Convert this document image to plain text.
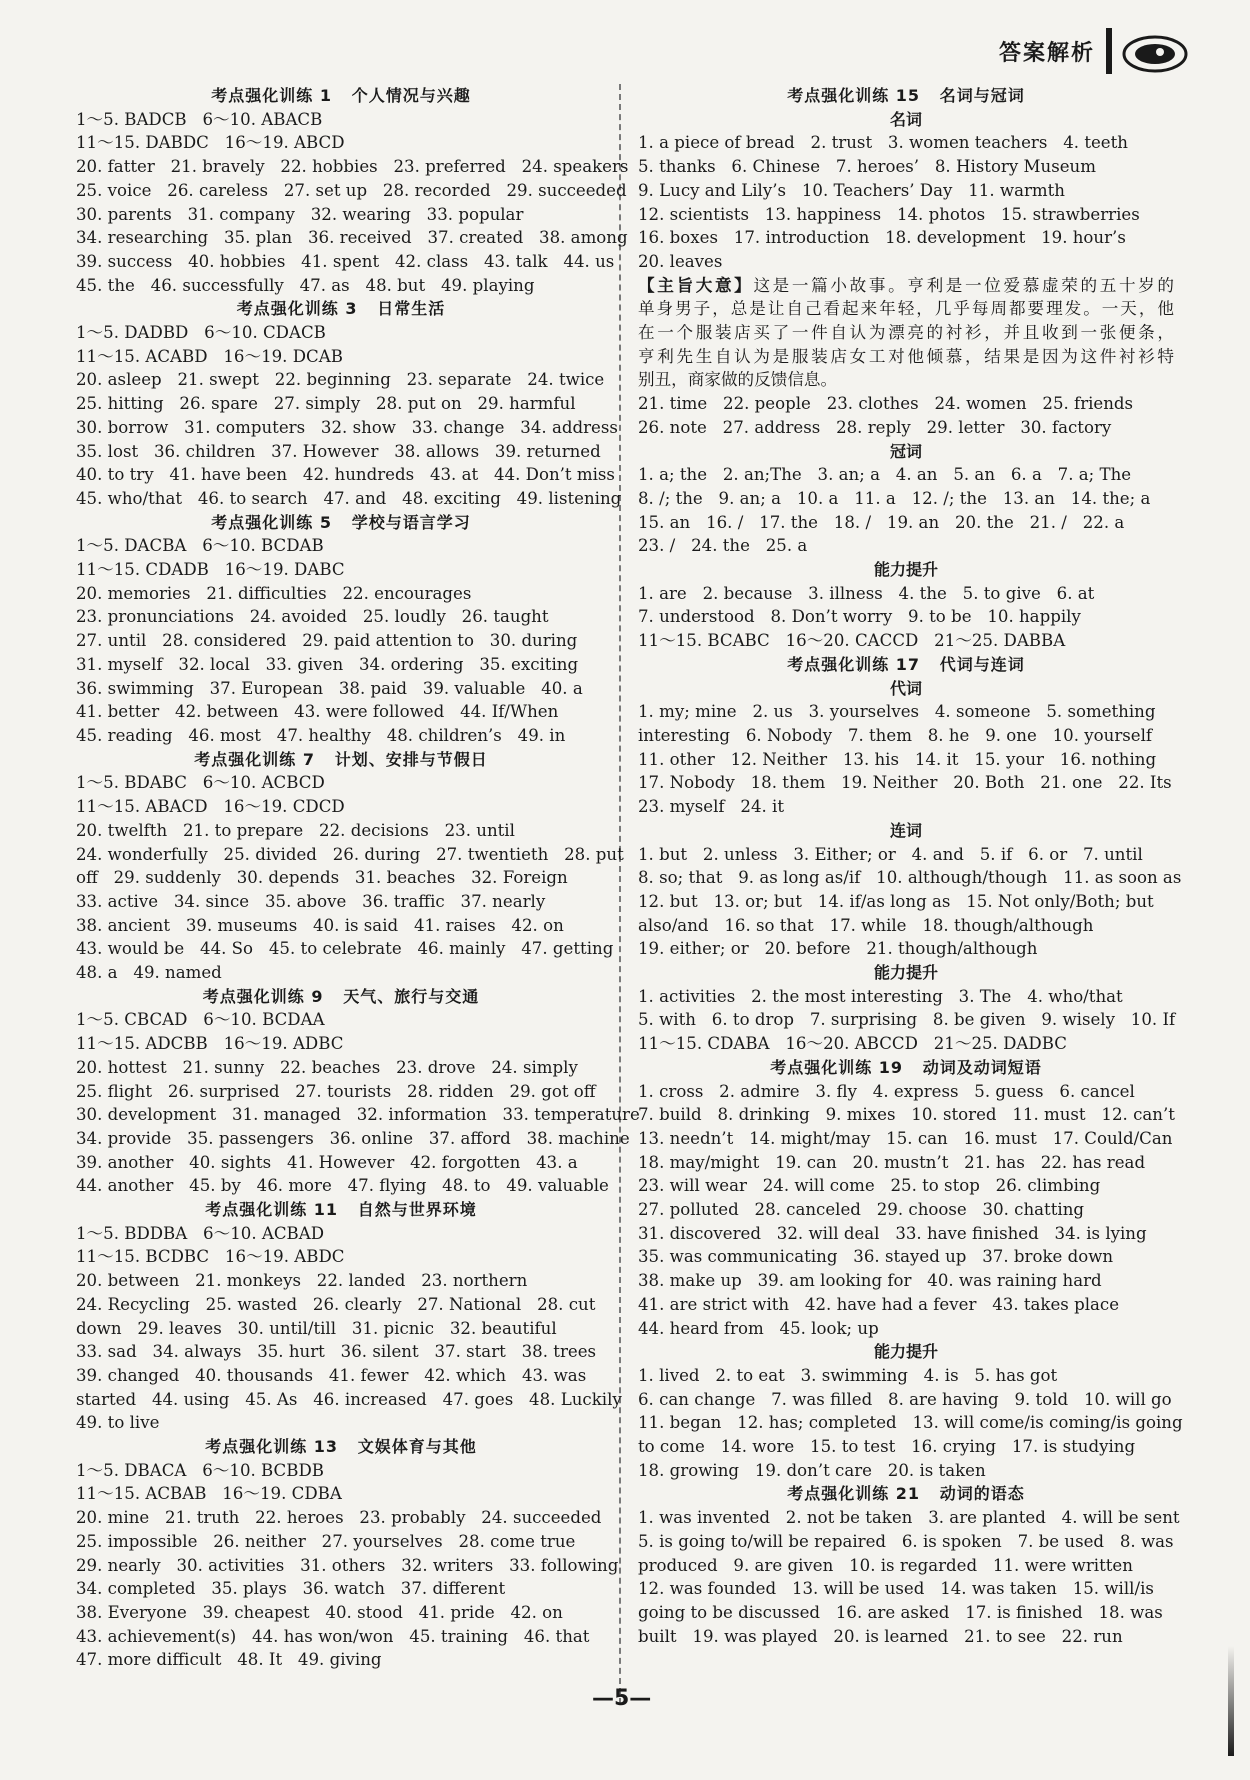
答案解析
考点强化训练 1   个人情况与兴趣
1～5. BADCB   6～10. ABACB
11～15. DABDC   16～19. ABCD
20. fatter   21. bravely   22. hobbies   23. preferred   24. speakers
25. voice   26. careless   27. set up   28. recorded   29. succeeded
30. parents   31. company   32. wearing   33. popular
34. researching   35. plan   36. received   37. created   38. among
39. success   40. hobbies   41. spent   42. class   43. talk   44. us
45. the   46. successfully   47. as   48. but   49. playing
考点强化训练 3   日常生活
1～5. DADBD   6～10. CDACB
11～15. ACABD   16～19. DCAB
20. asleep   21. swept   22. beginning   23. separate   24. twice
25. hitting   26. spare   27. simply   28. put on   29. harmful
30. borrow   31. computers   32. show   33. change   34. address
35. lost   36. children   37. However   38. allows   39. returned
40. to try   41. have been   42. hundreds   43. at   44. Don’t miss
45. who/that   46. to search   47. and   48. exciting   49. listening
考点强化训练 5   学校与语言学习
1～5. DACBA   6～10. BCDAB
11～15. CDADB   16～19. DABC
20. memories   21. difficulties   22. encourages
23. pronunciations   24. avoided   25. loudly   26. taught
27. until   28. considered   29. paid attention to   30. during
31. myself   32. local   33. given   34. ordering   35. exciting
36. swimming   37. European   38. paid   39. valuable   40. a
41. better   42. between   43. were followed   44. If/When
45. reading   46. most   47. healthy   48. children’s   49. in
考点强化训练 7   计划、安排与节假日
1～5. BDABC   6～10. ACBCD
11～15. ABACD   16～19. CDCD
20. twelfth   21. to prepare   22. decisions   23. until
24. wonderfully   25. divided   26. during   27. twentieth   28. put
off   29. suddenly   30. depends   31. beaches   32. Foreign
33. active   34. since   35. above   36. traffic   37. nearly
38. ancient   39. museums   40. is said   41. raises   42. on
43. would be   44. So   45. to celebrate   46. mainly   47. getting
48. a   49. named
考点强化训练 9   天气、旅行与交通
1～5. CBCAD   6～10. BCDAA
11～15. ADCBB   16～19. ADBC
20. hottest   21. sunny   22. beaches   23. drove   24. simply
25. flight   26. surprised   27. tourists   28. ridden   29. got off
30. development   31. managed   32. information   33. temperature
34. provide   35. passengers   36. online   37. afford   38. machine
39. another   40. sights   41. However   42. forgotten   43. a
44. another   45. by   46. more   47. flying   48. to   49. valuable
考点强化训练 11   自然与世界环境
1～5. BDDBA   6～10. ACBAD
11～15. BCDBC   16～19. ABDC
20. between   21. monkeys   22. landed   23. northern
24. Recycling   25. wasted   26. clearly   27. National   28. cut
down   29. leaves   30. until/till   31. picnic   32. beautiful
33. sad   34. always   35. hurt   36. silent   37. start   38. trees
39. changed   40. thousands   41. fewer   42. which   43. was
started   44. using   45. As   46. increased   47. goes   48. Luckily
49. to live
考点强化训练 13   文娱体育与其他
1～5. DBACA   6～10. BCBDB
11～15. ACBAB   16～19. CDBA
20. mine   21. truth   22. heroes   23. probably   24. succeeded
25. impossible   26. neither   27. yourselves   28. come true
29. nearly   30. activities   31. others   32. writers   33. following
34. completed   35. plays   36. watch   37. different
38. Everyone   39. cheapest   40. stood   41. pride   42. on
43. achievement(s)   44. has won/won   45. training   46. that
47. more difficult   48. It   49. giving
考点强化训练 15   名词与冠词
名词
1. a piece of bread   2. trust   3. women teachers   4. teeth
5. thanks   6. Chinese   7. heroes’   8. History Museum
9. Lucy and Lily’s   10. Teachers’ Day   11. warmth
12. scientists   13. happiness   14. photos   15. strawberries
16. boxes   17. introduction   18. development   19. hour’s
20. leaves
【主旨大意】这是一篇小故事。亨利是一位爱慕虚荣的五十岁的
单身男子，总是让自己看起来年轻，几乎每周都要理发。一天，他
在一个服装店买了一件自认为漂亮的衬衫，并且收到一张便条，
亨利先生自认为是服装店女工对他倾慕，结果是因为这件衬衫特
别丑，商家做的反馈信息。
21. time   22. people   23. clothes   24. women   25. friends
26. note   27. address   28. reply   29. letter   30. factory
冠词
1. a; the   2. an;The   3. an; a   4. an   5. an   6. a   7. a; The
8. /; the   9. an; a   10. a   11. a   12. /; the   13. an   14. the; a
15. an   16. /   17. the   18. /   19. an   20. the   21. /   22. a
23. /   24. the   25. a
能力提升
1. are   2. because   3. illness   4. the   5. to give   6. at
7. understood   8. Don’t worry   9. to be   10. happily
11～15. BCABC   16～20. CACCD   21～25. DABBA
考点强化训练 17   代词与连词
代词
1. my; mine   2. us   3. yourselves   4. someone   5. something
interesting   6. Nobody   7. them   8. he   9. one   10. yourself
11. other   12. Neither   13. his   14. it   15. your   16. nothing
17. Nobody   18. them   19. Neither   20. Both   21. one   22. Its
23. myself   24. it
连词
1. but   2. unless   3. Either; or   4. and   5. if   6. or   7. until
8. so; that   9. as long as/if   10. although/though   11. as soon as
12. but   13. or; but   14. if/as long as   15. Not only/Both; but
also/and   16. so that   17. while   18. though/although
19. either; or   20. before   21. though/although
能力提升
1. activities   2. the most interesting   3. The   4. who/that
5. with   6. to drop   7. surprising   8. be given   9. wisely   10. If
11～15. CDABA   16～20. ABCCD   21～25. DADBC
考点强化训练 19   动词及动词短语
1. cross   2. admire   3. fly   4. express   5. guess   6. cancel
7. build   8. drinking   9. mixes   10. stored   11. must   12. can’t
13. needn’t   14. might/may   15. can   16. must   17. Could/Can
18. may/might   19. can   20. mustn’t   21. has   22. has read
23. will wear   24. will come   25. to stop   26. climbing
27. polluted   28. canceled   29. choose   30. chatting
31. discovered   32. will deal   33. have finished   34. is lying
35. was communicating   36. stayed up   37. broke down
38. make up   39. am looking for   40. was raining hard
41. are strict with   42. have had a fever   43. takes place
44. heard from   45. look; up
能力提升
1. lived   2. to eat   3. swimming   4. is   5. has got
6. can change   7. was filled   8. are having   9. told   10. will go
11. began   12. has; completed   13. will come/is coming/is going
to come   14. wore   15. to test   16. crying   17. is studying
18. growing   19. don’t care   20. is taken
考点强化训练 21   动词的语态
1. was invented   2. not be taken   3. are planted   4. will be sent
5. is going to/will be repaired   6. is spoken   7. be used   8. was
produced   9. are given   10. is regarded   11. were written
12. was founded   13. will be used   14. was taken   15. will/is
going to be discussed   16. are asked   17. is finished   18. was
built   19. was played   20. is learned   21. to see   22. run
—5—
